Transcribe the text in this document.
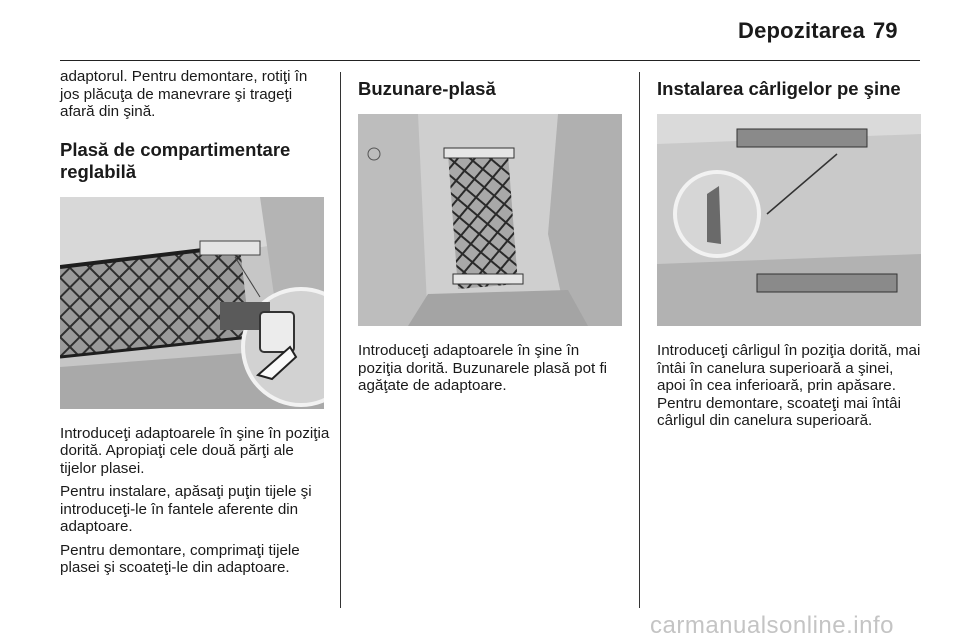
Depozitarea 79

adaptorul. Pentru demontare, rotiţi în jos plăcuţa de manevrare şi trageţi afară din şină.

Plasă de compartimentare reglabilă

Introduceţi adaptoarele în şine în poziţia dorită. Apropiaţi cele două părţi ale tijelor plasei.

Pentru instalare, apăsaţi puţin tijele şi introduceţi-le în fantele aferente din adaptoare.

Pentru demontare, comprimaţi tijele plasei şi scoateţi-le din adaptoare.

Buzunare-plasă

Introduceţi adaptoarele în şine în poziţia dorită. Buzunarele plasă pot fi agăţate de adaptoare.

Instalarea cârligelor pe şine

Introduceţi cârligul în poziţia dorită, mai întâi în canelura superioară a şinei, apoi în cea inferioară, prin apăsare. Pentru demontare, scoateţi mai întâi cârligul din canelura superioară.

carmanualsonline.info
